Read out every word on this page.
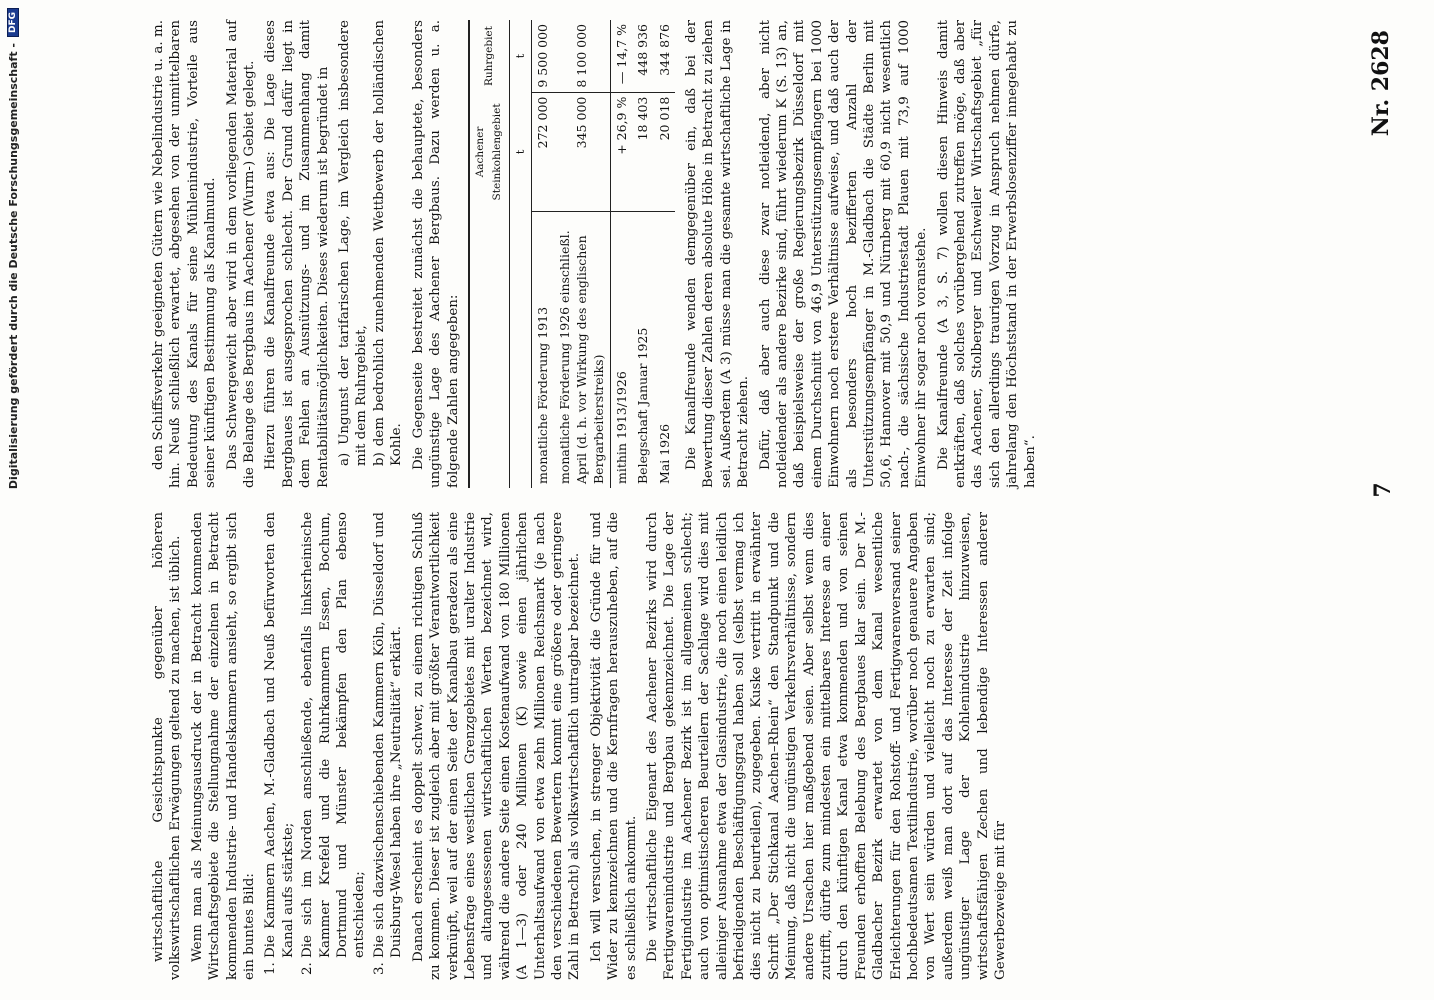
Digitalisierung gefördert durch die Deutsche Forschungsgemeinschaft -
DFG
7
Nr. 2628

wirtschaftliche Gesichtspunkte gegenüber höheren volkswirtschaftlichen Erwägungen geltend zu machen, ist üblich. Wenn man als Meinungsausdruck der in Betracht kommenden Wirtschaftsgebiete die Stellungnahme der einzelnen in Betracht kommenden Industrie- und Handelskammern ansieht, so ergibt sich ein buntes Bild: 1. Die Kammern Aachen, M.-Gladbach und Neuß befürworten den Kanal aufs stärkste; 2. Die sich im Norden anschließende, ebenfalls linksrheinische Kammer Krefeld und die Ruhrkammern Essen, Bochum, Dortmund und Münster bekämpfen den Plan ebenso entschieden; 3. Die sich dazwischenschiebenden Kammern Köln, Düsseldorf und Duisburg-Wesel haben ihre „Neutralität“ erklärt. Danach erscheint es doppelt schwer, zu einem richtigen Schluß zu kommen. Dieser ist zugleich aber mit größter Verantwortlichkeit verknüpft, weil auf der einen Seite der Kanalbau geradezu als eine Lebensfrage eines westlichen Grenzgebietes mit uralter Industrie und altangesessenen wirtschaftlichen Werten bezeichnet wird, während die andere Seite einen Kostenaufwand von 180 Millionen (A 1—3) oder 240 Millionen (K) sowie einen jährlichen Unterhaltsaufwand von etwa zehn Millionen Reichsmark (je nach den verschiedenen Bewertern kommt eine größere oder geringere Zahl in Betracht) als volkswirtschaftlich untragbar bezeichnet. Ich will versuchen, in strenger Objektivität die Gründe für und Wider zu kennzeichnen und die Kernfragen herauszuheben, auf die es schließlich ankommt. Die wirtschaftliche Eigenart des Aachener Bezirks wird durch Fertigwarenindustrie und Bergbau gekennzeichnet. Die Lage der Fertigindustrie im Aachener Bezirk ist im allgemeinen schlecht; auch von optimistischeren Beurteilern der Sachlage wird dies mit alleiniger Ausnahme etwa der Glasindustrie, die noch einen leidlich befriedigenden Beschäftigungsgrad haben soll (selbst vermag ich dies nicht zu beurteilen), zugegeben. Kuske vertritt in erwähnter Schrift „Der Stichkanal Aachen–Rhein“ den Standpunkt und die Meinung, daß nicht die ungünstigen Verkehrsverhältnisse, sondern andere Ursachen hier maßgebend seien. Aber selbst wenn dies zutrifft, dürfte zum mindesten ein mittelbares Interesse an einer durch den künftigen Kanal etwa kommenden und von seinen Freunden erhofften Belebung des Bergbaues klar sein. Der M.-Gladbacher Bezirk erwartet von dem Kanal wesentliche Erleichterungen für den Rohstoff- und Fertigwarenversand seiner hochbedeutsamen Textilindustrie, worüber noch genauere Angaben von Wert sein würden und vielleicht noch zu erwarten sind; außerdem weiß man dort auf das Interesse der Zeit infolge ungünstiger Lage der Kohlenindustrie hinzuweisen, wirtschaftsfähigen Zechen und lebendige Interessen anderer Gewerbezweige mit für

den Schiffsverkehr geeigneten Gütern wie Nebelindustrie u. a. m. hin. Neuß schließlich erwartet, abgesehen von der unmittelbaren Bedeutung des Kanals für seine Mühlenindustrie, Vorteile aus seiner künftigen Bestimmung als Kanalmund. Das Schwergewicht aber wird in dem vorliegenden Material auf die Belange des Bergbaus im Aachener (Wurm-) Gebiet gelegt. Hierzu führen die Kanalfreunde etwa aus: Die Lage dieses Bergbaues ist ausgesprochen schlecht. Der Grund dafür liegt in dem Fehlen an Ausnützungs- und im Zusammenhang damit Rentabilitätsmöglichkeiten. Dieses wiederum ist begründet in a) Ungunst der tarifarischen Lage, im Vergleich insbesondere mit dem Ruhrgebiet, b) dem bedrohlich zunehmenden Wettbewerb der holländischen Kohle. Die Gegenseite bestreitet zunächst die behauptete, besonders ungünstige Lage des Aachener Bergbaus. Dazu werden u. a. folgende Zahlen angegeben:

	Aachener Steinkohlengebiet	Ruhrgebiet
	t	t
monatliche Förderung 1913	272 000	9 500 000
monatliche Förderung 1926 einschließl. April (d. h. vor Wirkung des englischen Bergarbeiterstreiks)	345 000	8 100 000
mithin 1913/1926	+ 26,9 %	— 14,7 %
Belegschaft Januar 1925	18 403	448 936
Mai 1926	20 018	344 876 Die Kanalfreunde wenden demgegenüber ein, daß bei der Bewertung dieser Zahlen deren absolute Höhe in Betracht zu ziehen sei. Außerdem (A 3) müsse man die gesamte wirtschaftliche Lage in Betracht ziehen. Dafür, daß aber auch diese zwar notleidend, aber nicht notleidender als andere Bezirke sind, führt wiederum K (S. 13) an, daß beispielsweise der große Regierungsbezirk Düsseldorf mit einem Durchschnitt von 46,9 Unterstützungsempfängern bei 1000 Einwohnern noch erstere Verhältnisse aufweise, und daß auch der als besonders hoch bezifferten Anzahl der Unterstützungsempfänger in M.-Gladbach die Städte Berlin mit 50,6, Hannover mit 50,9 und Nürnberg mit 60,9 nicht wesentlich nach-, die sächsische Industriestadt Plauen mit 73,9 auf 1000 Einwohner ihr sogar noch voranstehe. Die Kanalfreunde (A 3, S. 7) wollen diesen Hinweis damit entkräften, daß solches vorübergehend zutreffen möge, daß aber das Aachener, Stolberger und Eschweiler Wirtschaftsgebiet „für sich den allerdings traurigen Vorzug in Anspruch nehmen dürfe, jahrelang den Höchststand in der Erwerbslosenziffer innegehabt zu haben“.
